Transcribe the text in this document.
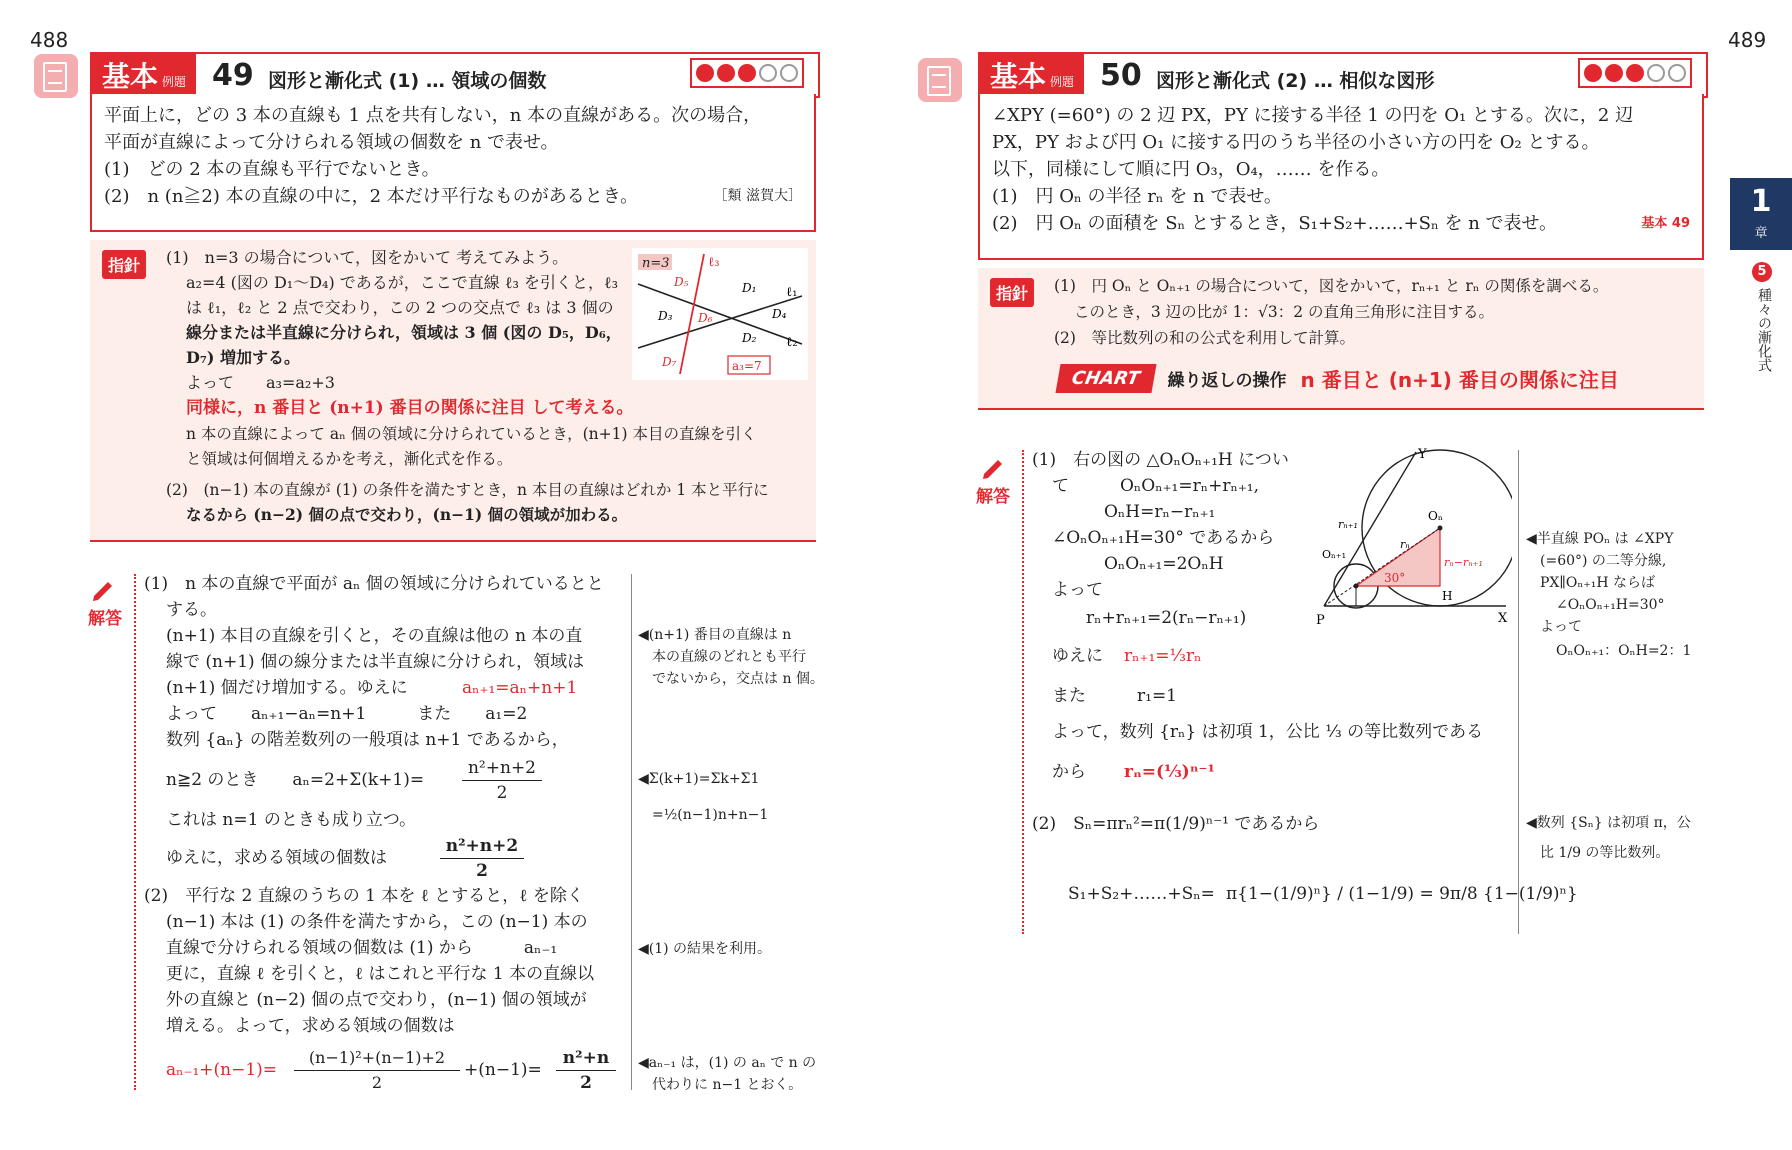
488
基本 例題 49 図形と漸化式 (1) … 領域の個数
平面上に，どの 3 本の直線も 1 点を共有しない，n 本の直線がある。次の場合，
平面が直線によって分けられる領域の個数を n で表せ。
(1)　どの 2 本の直線も平行でないとき。
(2)　n (n≧2) 本の直線の中に，2 本だけ平行なものがあるとき。	［類 滋賀大］
指針	(1)　n=3 の場合について，図をかいて 考えてみよう。
a₂=4 (図の D₁～D₄) であるが，ここで直線 ℓ₃ を引くと，ℓ₃
は ℓ₁，ℓ₂ と 2 点で交わり，この 2 つの交点で ℓ₃ は 3 個の
線分または半直線に分けられ，領域は 3 個 (図の D₅，D₆，
D₇) 増加する。
よって　　a₃=a₂+3
同様に，n 番目と (n+1) 番目の関係に注目 して考える。
n 本の直線によって aₙ 個の領域に分けられているとき，(n+1) 本目の直線を引く
と領域は何個増えるかを考え，漸化式を作る。
(2)　(n−1) 本の直線が (1) の条件を満たすとき，n 本目の直線はどれか 1 本と平行に
なるから (n−2) 個の点で交わり，(n−1) 個の領域が加わる。
n=3	ℓ₃
ℓ₁
ℓ₂
D₁
D₂
D₃	D₄
D₅
D₆
D₇	a₃=7
解答
(1)　n 本の直線で平面が aₙ 個の領域に分けられているとと
する。
(n+1) 本目の直線を引くと，その直線は他の n 本の直
線で (n+1) 個の線分または半直線に分けられ，領域は
(n+1) 個だけ増加する。ゆえに	aₙ₊₁=aₙ+n+1
よって　　aₙ₊₁−aₙ=n+1　　　また　　a₁=2
数列 {aₙ} の階差数列の一般項は n+1 であるから，
n≧2 のとき　　$a_n=2+\Sigma(k+1)= \frac{\text{n²+n+2}}{2}$
これは n=1 のときも成り立つ。
ゆえに，求める領域の個数は	$\frac{\text{n²+n+2}}{2}$
(2)　平行な 2 直線のうちの 1 本を ℓ とすると，ℓ を除く
(n−1) 本は (1) の条件を満たすから，この (n−1) 本の
直線で分けられる領域の個数は (1) から　　　aₙ₋₁
更に，直線 ℓ を引くと，ℓ はこれと平行な 1 本の直線以
外の直線と (n−2) 個の点で交わり，(n−1) 個の領域が
増える。よって，求める領域の個数は
$a_{n-1}+(n-1)= \frac{\text{(n−1)²+(n−1)+2}}{2} +(n-1)= \frac{\text{n²+n}}{2}$
◀(n+1) 番目の直線は n
本の直線のどれとも平行
でないから，交点は n 個。
◀Σ(k+1)=Σk+Σ1
=½(n−1)n+n−1
◀(1) の結果を利用。
◀aₙ₋₁ は，(1) の aₙ で n の
代わりに n−1 とおく。
489
基本 例題 50 図形と漸化式 (2) … 相似な図形
∠XPY (=60°) の 2 辺 PX，PY に接する半径 1 の円を O₁ とする。次に，2 辺
PX，PY および円 O₁ に接する円のうち半径の小さい方の円を O₂ とする。
以下，同様にして順に円 O₃，O₄，…… を作る。
(1)　円 Oₙ の半径 rₙ を n で表せ。
(2)　円 Oₙ の面積を Sₙ とするとき，S₁+S₂+……+Sₙ を n で表せ。	基本 49
指針	(1)　円 Oₙ と Oₙ₊₁ の場合について，図をかいて，rₙ₊₁ と rₙ の関係を調べる。
このとき，3 辺の比が 1：√3：2 の直角三角形に注目する。
(2)　等比数列の和の公式を利用して計算。
CHART	繰り返しの操作 n 番目と (n+1) 番目の関係に注目
解答
(1)　右の図の △OₙOₙ₊₁H につい
て　　　OₙOₙ₊₁=rₙ+rₙ₊₁,
OₙH=rₙ−rₙ₊₁
∠OₙOₙ₊₁H=30° であるから
OₙOₙ₊₁=2OₙH
よって
rₙ+rₙ₊₁=2(rₙ−rₙ₊₁)
ゆえに rₙ₊₁=⅓rₙ
また　　　r₁=1
よって，数列 {rₙ} は初項 1，公比 ⅓ の等比数列である
から rₙ=(⅓)ⁿ⁻¹
(2)　Sₙ=πrₙ²=π(1/9)ⁿ⁻¹ であるから
S₁+S₂+……+Sₙ= π{1−(1/9)ⁿ} / (1−1/9) = 9π/8 {1−(1/9)ⁿ}
Y
P	X
Oₙ
Oₙ₊₁
H
rₙ
rₙ₊₁
rₙ−rₙ₊₁
30°
◀半直線 POₙ は ∠XPY
(=60°) の二等分線,
PX∥Oₙ₊₁H ならば
∠OₙOₙ₊₁H=30°
よって
OₙOₙ₊₁：OₙH=2：1
◀数列 {Sₙ} は初項 π，公
比 1/9 の等比数列。
1
章
5
種々の漸化式
